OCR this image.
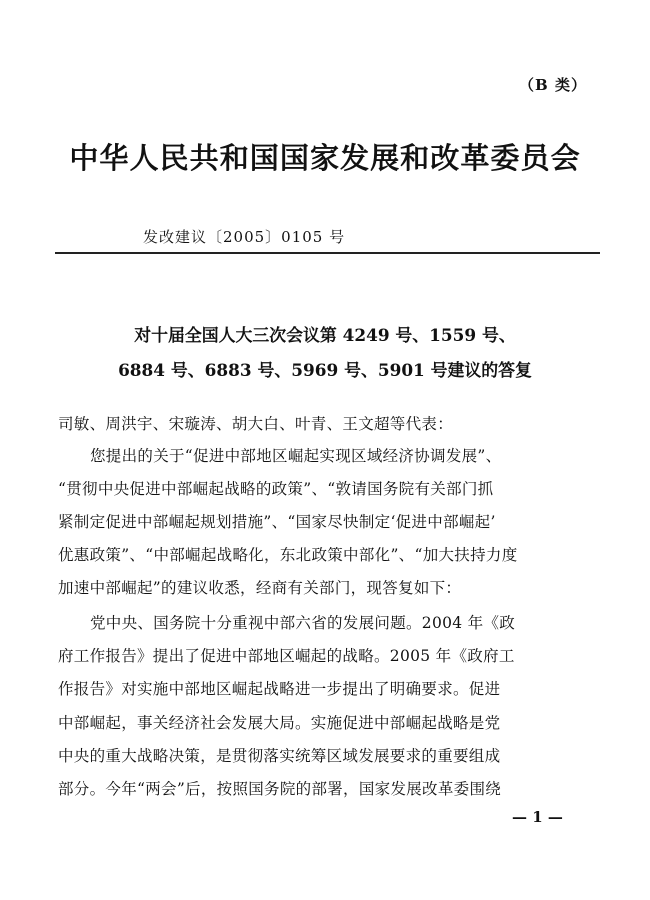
（B 类）
中华人民共和国国家发展和改革委员会
发改建议〔2005〕0105 号
对十届全国人大三次会议第 4249 号、1559 号、
6884 号、6883 号、5969 号、5901 号建议的答复
司敏、周洪宇、宋璇涛、胡大白、叶青、王文超等代表：
您提出的关于“促进中部地区崛起实现区域经济协调发展”、
“贯彻中央促进中部崛起战略的政策”、“敦请国务院有关部门抓
紧制定促进中部崛起规划措施”、“国家尽快制定‘促进中部崛起’
优惠政策”、“中部崛起战略化，东北政策中部化”、“加大扶持力度
加速中部崛起”的建议收悉，经商有关部门，现答复如下：
党中央、国务院十分重视中部六省的发展问题。2004 年《政
府工作报告》提出了促进中部地区崛起的战略。2005 年《政府工
作报告》对实施中部地区崛起战略进一步提出了明确要求。促进
中部崛起，事关经济社会发展大局。实施促进中部崛起战略是党
中央的重大战略决策，是贯彻落实统筹区域发展要求的重要组成
部分。今年“两会”后，按照国务院的部署，国家发展改革委围绕
— 1 —
